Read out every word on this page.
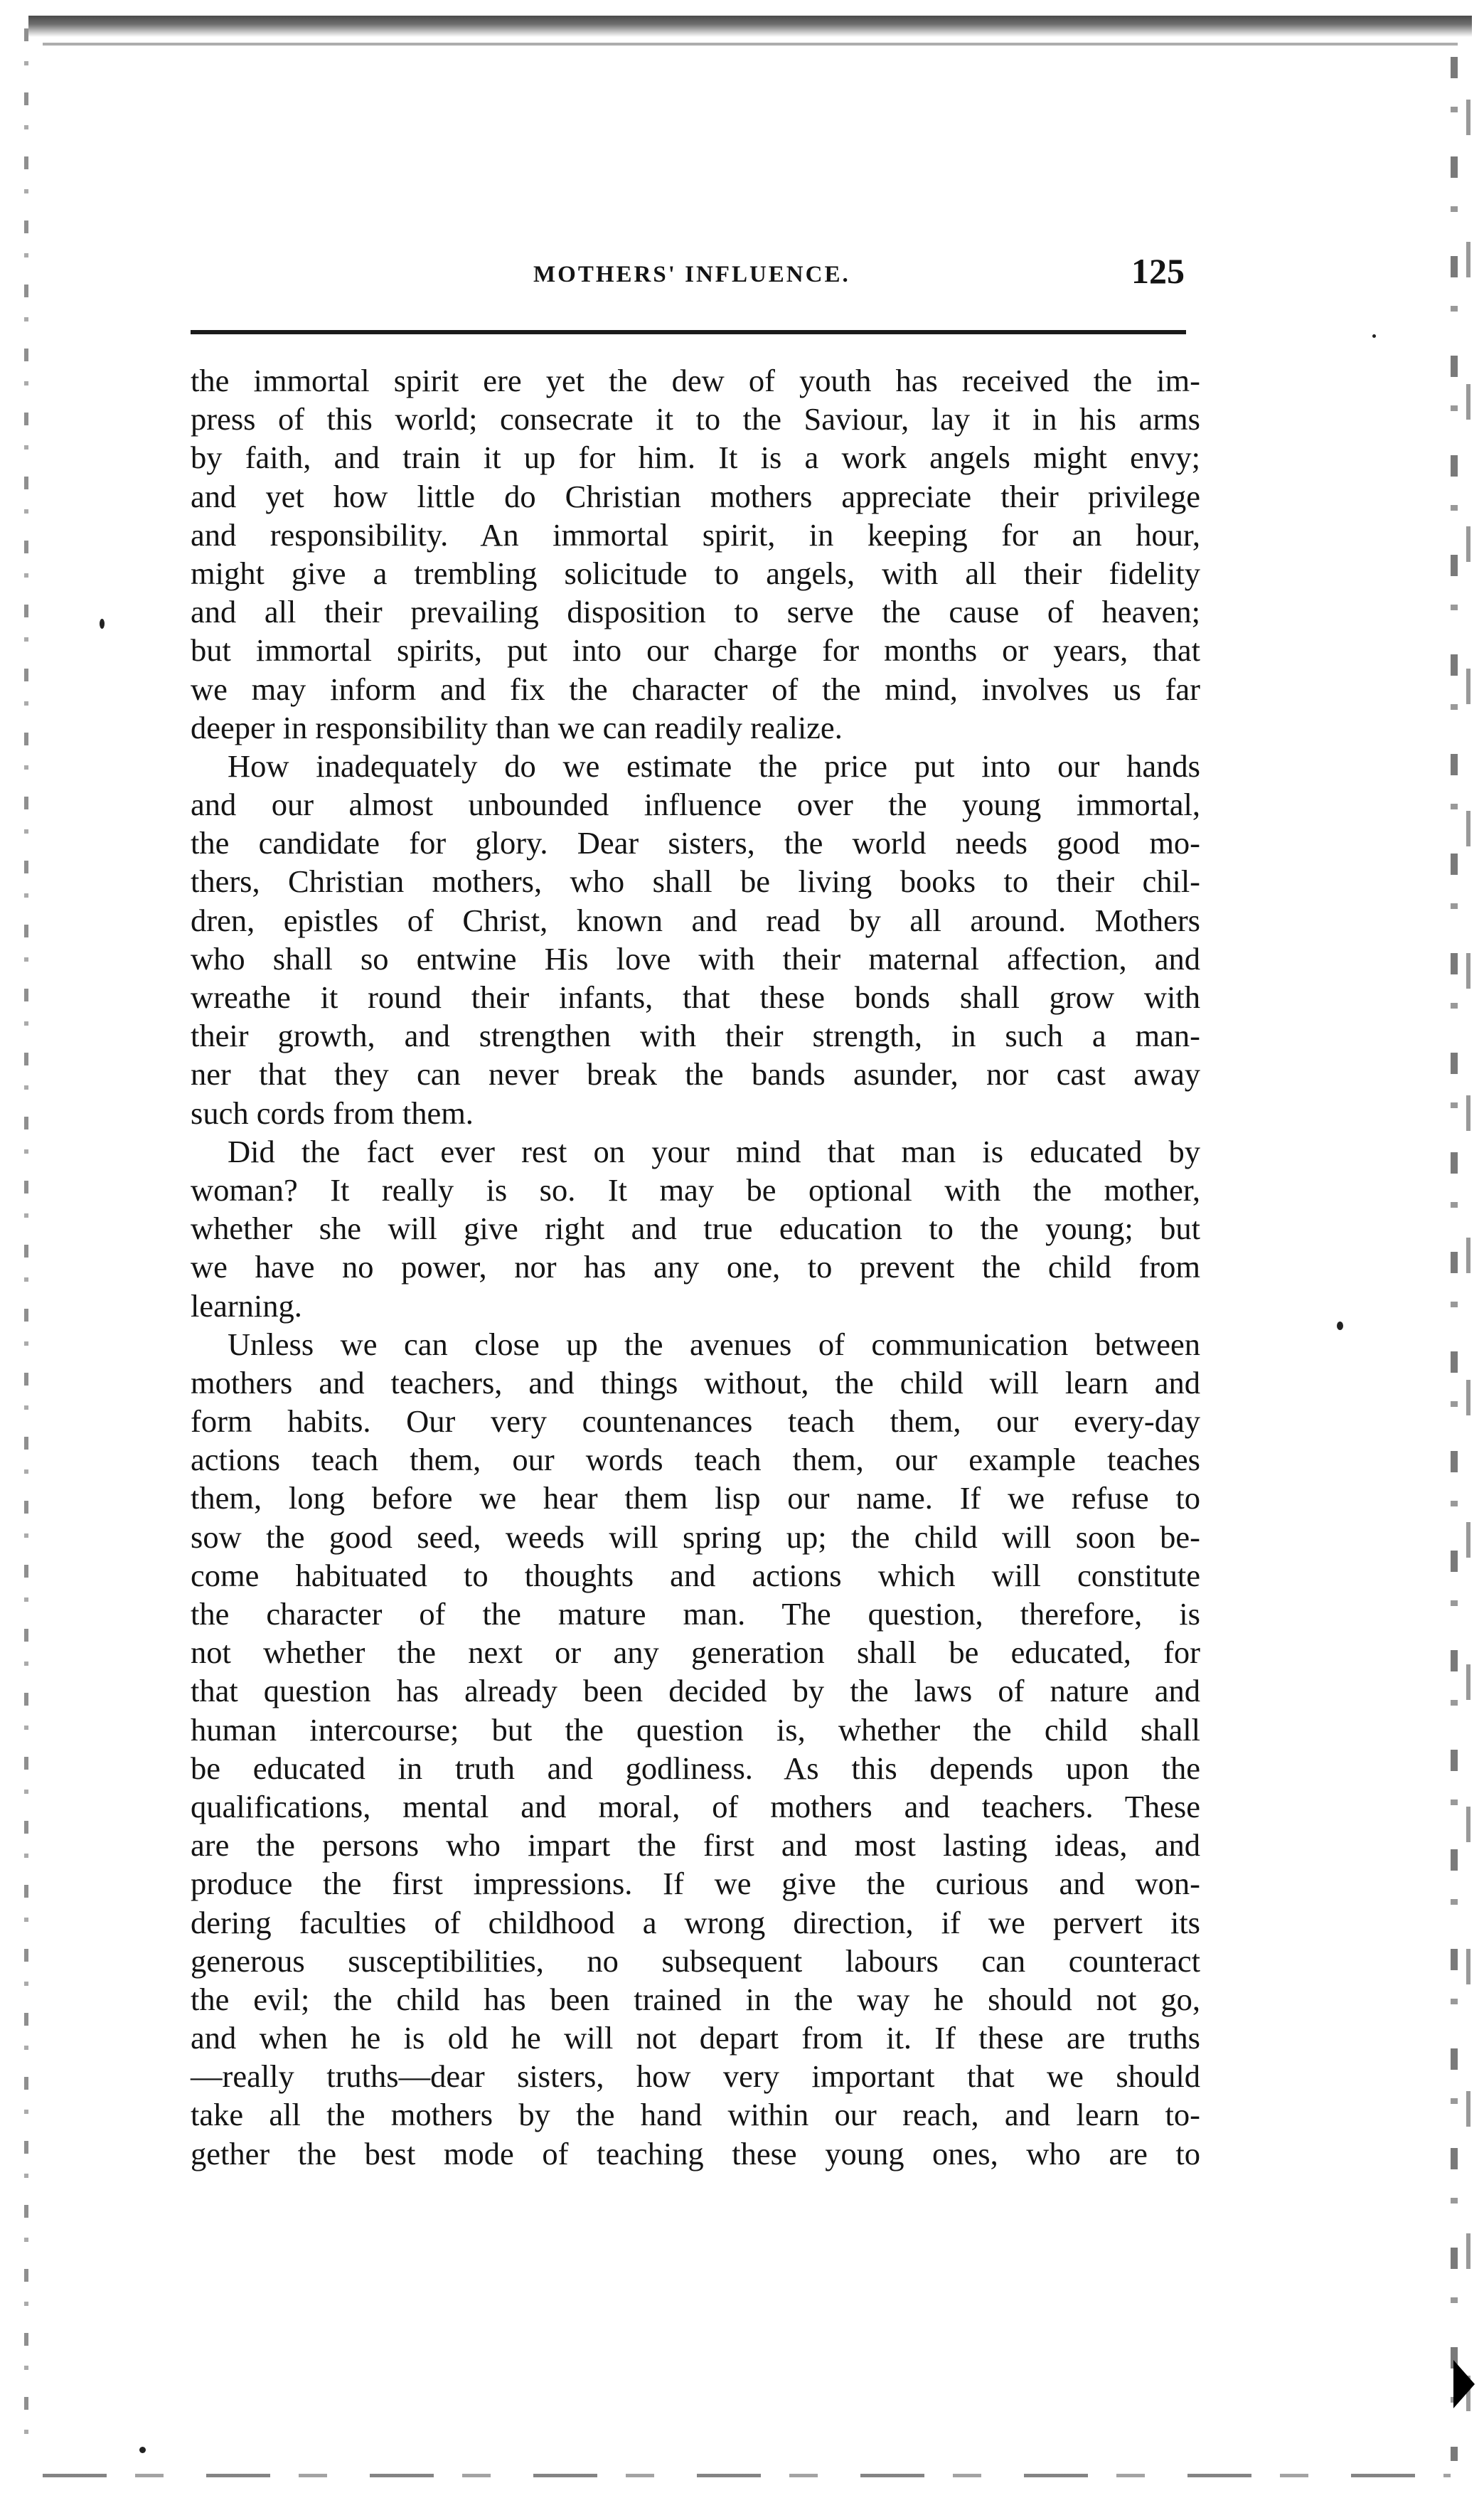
MOTHERS' INFLUENCE.	125
the immortal spirit ere yet the dew of youth has received the im-
press of this world; consecrate it to the Saviour, lay it in his arms
by faith, and train it up for him. It is a work angels might envy;
and yet how little do Christian mothers appreciate their privilege
and responsibility. An immortal spirit, in keeping for an hour,
might give a trembling solicitude to angels, with all their fidelity
and all their prevailing disposition to serve the cause of heaven;
but immortal spirits, put into our charge for months or years, that
we may inform and fix the character of the mind, involves us far
deeper in responsibility than we can readily realize.
How inadequately do we estimate the price put into our hands
and our almost unbounded influence over the young immortal,
the candidate for glory. Dear sisters, the world needs good mo-
thers, Christian mothers, who shall be living books to their chil-
dren, epistles of Christ, known and read by all around. Mothers
who shall so entwine His love with their maternal affection, and
wreathe it round their infants, that these bonds shall grow with
their growth, and strengthen with their strength, in such a man-
ner that they can never break the bands asunder, nor cast away
such cords from them.
Did the fact ever rest on your mind that man is educated by
woman? It really is so. It may be optional with the mother,
whether she will give right and true education to the young; but
we have no power, nor has any one, to prevent the child from
learning.
Unless we can close up the avenues of communication between
mothers and teachers, and things without, the child will learn and
form habits. Our very countenances teach them, our every-day
actions teach them, our words teach them, our example teaches
them, long before we hear them lisp our name. If we refuse to
sow the good seed, weeds will spring up; the child will soon be-
come habituated to thoughts and actions which will constitute
the character of the mature man. The question, therefore, is
not whether the next or any generation shall be educated, for
that question has already been decided by the laws of nature and
human intercourse; but the question is, whether the child shall
be educated in truth and godliness. As this depends upon the
qualifications, mental and moral, of mothers and teachers. These
are the persons who impart the first and most lasting ideas, and
produce the first impressions. If we give the curious and won-
dering faculties of childhood a wrong direction, if we pervert its
generous susceptibilities, no subsequent labours can counteract
the evil; the child has been trained in the way he should not go,
and when he is old he will not depart from it. If these are truths
—really truths—dear sisters, how very important that we should
take all the mothers by the hand within our reach, and learn to-
gether the best mode of teaching these young ones, who are to
